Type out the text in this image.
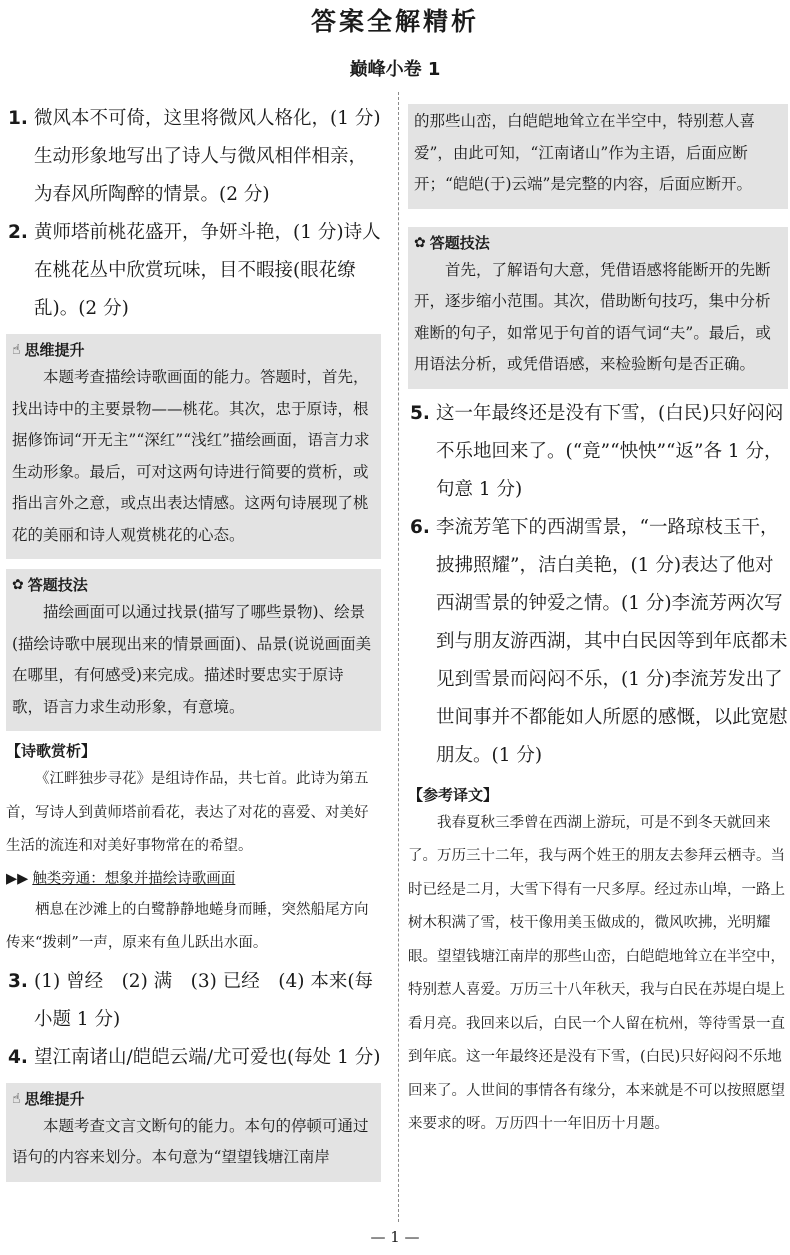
答案全解精析
巅峰小卷 1
1. 微风本不可倚，这里将微风人格化，(1 分)生动形象地写出了诗人与微风相伴相亲，为春风所陶醉的情景。(2 分)
2. 黄师塔前桃花盛开，争妍斗艳，(1 分)诗人在桃花丛中欣赏玩味，目不暇接(眼花缭乱)。(2 分)
☝ 思维提升

本题考查描绘诗歌画面的能力。答题时，首先，找出诗中的主要景物——桃花。其次，忠于原诗，根据修饰词“开无主”“深红”“浅红”描绘画面，语言力求生动形象。最后，可对这两句诗进行简要的赏析，或指出言外之意，或点出表达情感。这两句诗展现了桃花的美丽和诗人观赏桃花的心态。

✿ 答题技法

描绘画面可以通过找景(描写了哪些景物)、绘景(描绘诗歌中展现出来的情景画面)、品景(说说画面美在哪里，有何感受)来完成。描述时要忠实于原诗歌，语言力求生动形象，有意境。

【诗歌赏析】

《江畔独步寻花》是组诗作品，共七首。此诗为第五首，写诗人到黄师塔前看花，表达了对花的喜爱、对美好生活的流连和对美好事物常在的希望。

▶▶ 触类旁通：想象并描绘诗歌画面

栖息在沙滩上的白鹭静静地蜷身而睡，突然船尾方向传来“拨剌”一声，原来有鱼儿跃出水面。

3. (1) 曾经　(2) 满　(3) 已经　(4) 本来(每小题 1 分)
4. 望江南诸山/皑皑云端/尤可爱也(每处 1 分)
☝ 思维提升

本题考查文言文断句的能力。本句的停顿可通过语句的内容来划分。本句意为“望望钱塘江南岸

的那些山峦，白皑皑地耸立在半空中，特别惹人喜爱”，由此可知，“江南诸山”作为主语，后面应断开；“皑皑(于)云端”是完整的内容，后面应断开。

✿ 答题技法

首先，了解语句大意，凭借语感将能断开的先断开，逐步缩小范围。其次，借助断句技巧，集中分析难断的句子，如常见于句首的语气词“夫”。最后，或用语法分析，或凭借语感，来检验断句是否正确。

5. 这一年最终还是没有下雪，(白民)只好闷闷不乐地回来了。(“竟”“怏怏”“返”各 1 分，句意 1 分)
6. 李流芳笔下的西湖雪景，“一路琼枝玉干，披拂照耀”，洁白美艳，(1 分)表达了他对西湖雪景的钟爱之情。(1 分)李流芳两次写到与朋友游西湖，其中白民因等到年底都未见到雪景而闷闷不乐，(1 分)李流芳发出了世间事并不都能如人所愿的感慨，以此宽慰朋友。(1 分)
【参考译文】

我春夏秋三季曾在西湖上游玩，可是不到冬天就回来了。万历三十二年，我与两个姓王的朋友去参拜云栖寺。当时已经是二月，大雪下得有一尺多厚。经过赤山埠，一路上树木积满了雪，枝干像用美玉做成的，微风吹拂，光明耀眼。望望钱塘江南岸的那些山峦，白皑皑地耸立在半空中，特别惹人喜爱。万历三十八年秋天，我与白民在苏堤白堤上看月亮。我回来以后，白民一个人留在杭州，等待雪景一直到年底。这一年最终还是没有下雪，(白民)只好闷闷不乐地回来了。人世间的事情各有缘分，本来就是不可以按照愿望来要求的呀。万历四十一年旧历十月题。

— 1 —
